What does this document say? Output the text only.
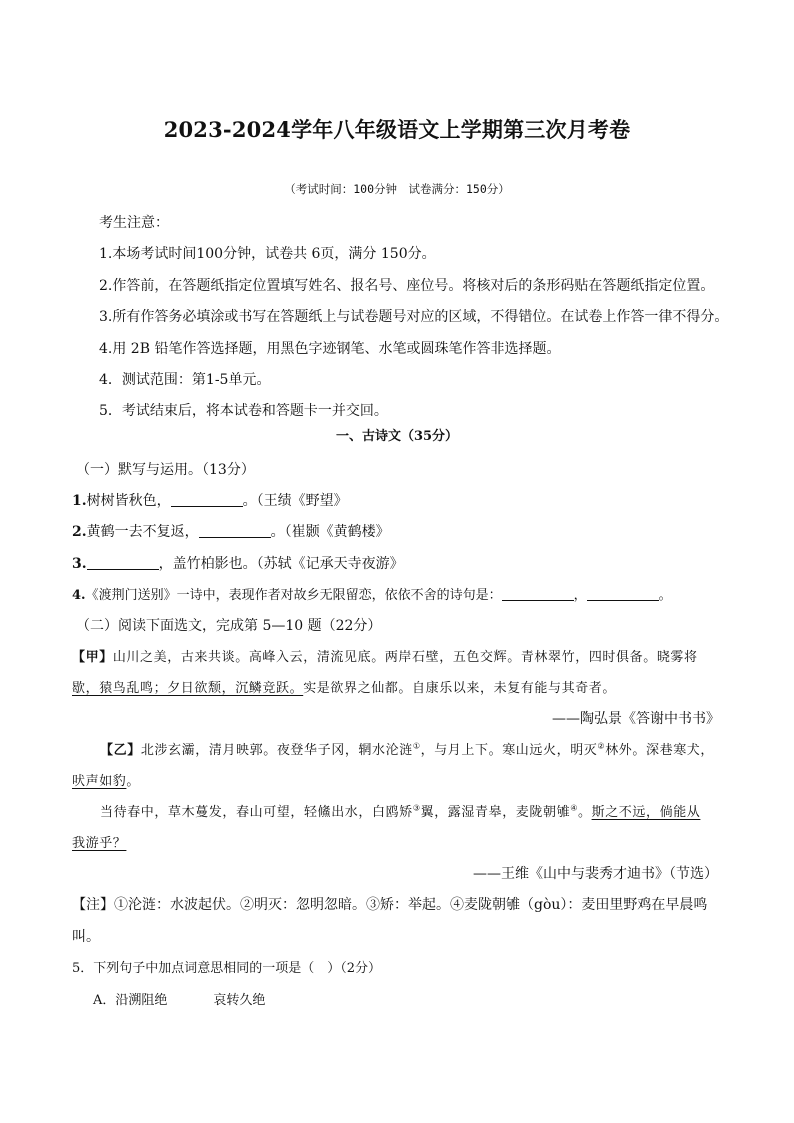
2023-2024学年八年级语文上学期第三次月考卷
（考试时间：100分钟　试卷满分：150分）
考生注意：
1.本场考试时间100分钟，试卷共 6页，满分 150分。
2.作答前，在答题纸指定位置填写姓名、报名号、座位号。将核对后的条形码贴在答题纸指定位置。
3.所有作答务必填涂或书写在答题纸上与试卷题号对应的区域，不得错位。在试卷上作答一律不得分。
4.用 2B 铅笔作答选择题，用黑色字迹钢笔、水笔或圆珠笔作答非选择题。
4．测试范围：第1-5单元。
5．考试结束后，将本试卷和答题卡一并交回。
一、古诗文（35分）
（一）默写与运用。（13分）
1.树树皆秋色，	。（王绩《野望》
2.黄鹤一去不复返，	。（崔颢《黄鹤楼》
3.	，盖竹柏影也。（苏轼《记承天寺夜游》
4.《渡荆门送别》一诗中，表现作者对故乡无限留恋，依依不舍的诗句是：	，	。
（二）阅读下面选文，完成第 5—10 题（22分）
【甲】山川之美，古来共谈。高峰入云，清流见底。两岸石壁，五色交辉。青林翠竹，四时俱备。晓雾将
歇，猿鸟乱鸣；夕日欲颓，沉鳞竞跃。实是欲界之仙都。自康乐以来，未复有能与其奇者。
——陶弘景《答谢中书书》
【乙】北涉玄灞，清月映郭。夜登华子冈，辋水沦涟①，与月上下。寒山远火，明灭②林外。深巷寒犬，
吠声如豹。
当待春中，草木蔓发，春山可望，轻鯈出水，白鸥矫③翼，露湿青皋，麦陇朝雊④。斯之不远，倘能从
我游乎？
——王维《山中与裴秀才迪书》（节选）
【注】①沦涟：水波起伏。②明灭：忽明忽暗。③矫：举起。④麦陇朝雊（gòu）：麦田里野鸡在早晨鸣
叫。
5．下列句子中加点词意思相同的一项是（　）（2分）
A．沿溯阻绝	哀转久绝
